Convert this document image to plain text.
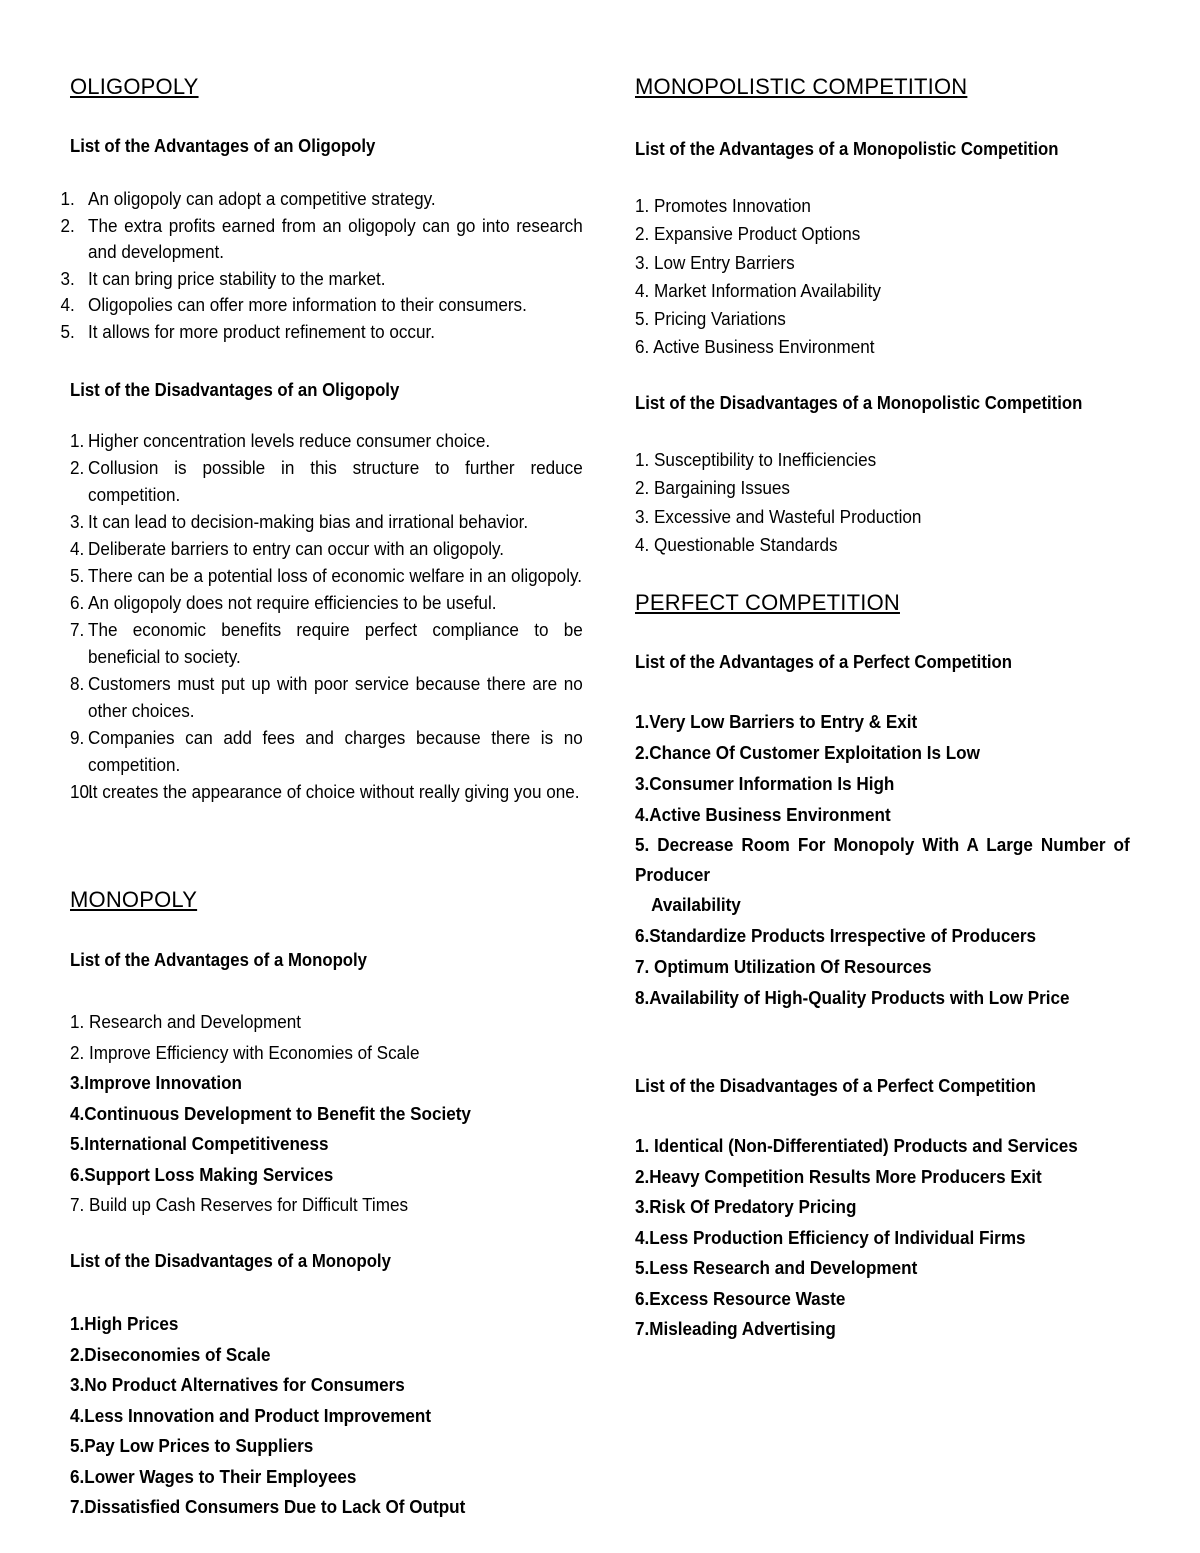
OLIGOPOLY
List of the Advantages of an Oligopoly
1. An oligopoly can adopt a competitive strategy.
2. The extra profits earned from an oligopoly can go into research and development.
3. It can bring price stability to the market.
4. Oligopolies can offer more information to their consumers.
5. It allows for more product refinement to occur.
List of the Disadvantages of an Oligopoly
1. Higher concentration levels reduce consumer choice.
2. Collusion is possible in this structure to further reduce competition.
3. It can lead to decision-making bias and irrational behavior.
4. Deliberate barriers to entry can occur with an oligopoly.
5. There can be a potential loss of economic welfare in an oligopoly.
6. An oligopoly does not require efficiencies to be useful.
7. The economic benefits require perfect compliance to be beneficial to society.
8. Customers must put up with poor service because there are no other choices.
9. Companies can add fees and charges because there is no competition.
10.
It creates the appearance of choice without really giving you one.
MONOPOLY
List of the Advantages of a Monopoly
1. Research and Development
2. Improve Efficiency with Economies of Scale
3.Improve Innovation
4.Continuous Development to Benefit the Society
5.International Competitiveness
6.Support Loss Making Services
7. Build up Cash Reserves for Difficult Times
List of the Disadvantages of a Monopoly
1.High Prices
2.Diseconomies of Scale
3.No Product Alternatives for Consumers
4.Less Innovation and Product Improvement
5.Pay Low Prices to Suppliers
6.Lower Wages to Their Employees
7.Dissatisfied Consumers Due to Lack Of Output
MONOPOLISTIC COMPETITION
List of the Advantages of a Monopolistic Competition
1. Promotes Innovation
2. Expansive Product Options
3. Low Entry Barriers
4. Market Information Availability
5. Pricing Variations
6. Active Business Environment
List of the Disadvantages of a Monopolistic Competition
1. Susceptibility to Inefficiencies
2. Bargaining Issues
3. Excessive and Wasteful Production
4. Questionable Standards
PERFECT COMPETITION
List of the Advantages of a Perfect Competition
1.Very Low Barriers to Entry & Exit
2.Chance Of Customer Exploitation Is Low
3.Consumer Information Is High
4.Active Business Environment
5. Decrease Room For Monopoly With A Large Number of Producer
Availability
6.Standardize Products Irrespective of Producers
7. Optimum Utilization Of Resources
8.Availability of High-Quality Products with Low Price
List of the Disadvantages of a Perfect Competition
1. Identical (Non-Differentiated) Products and Services
2.Heavy Competition Results More Producers Exit
3.Risk Of Predatory Pricing
4.Less Production Efficiency of Individual Firms
5.Less Research and Development
6.Excess Resource Waste
7.Misleading Advertising
